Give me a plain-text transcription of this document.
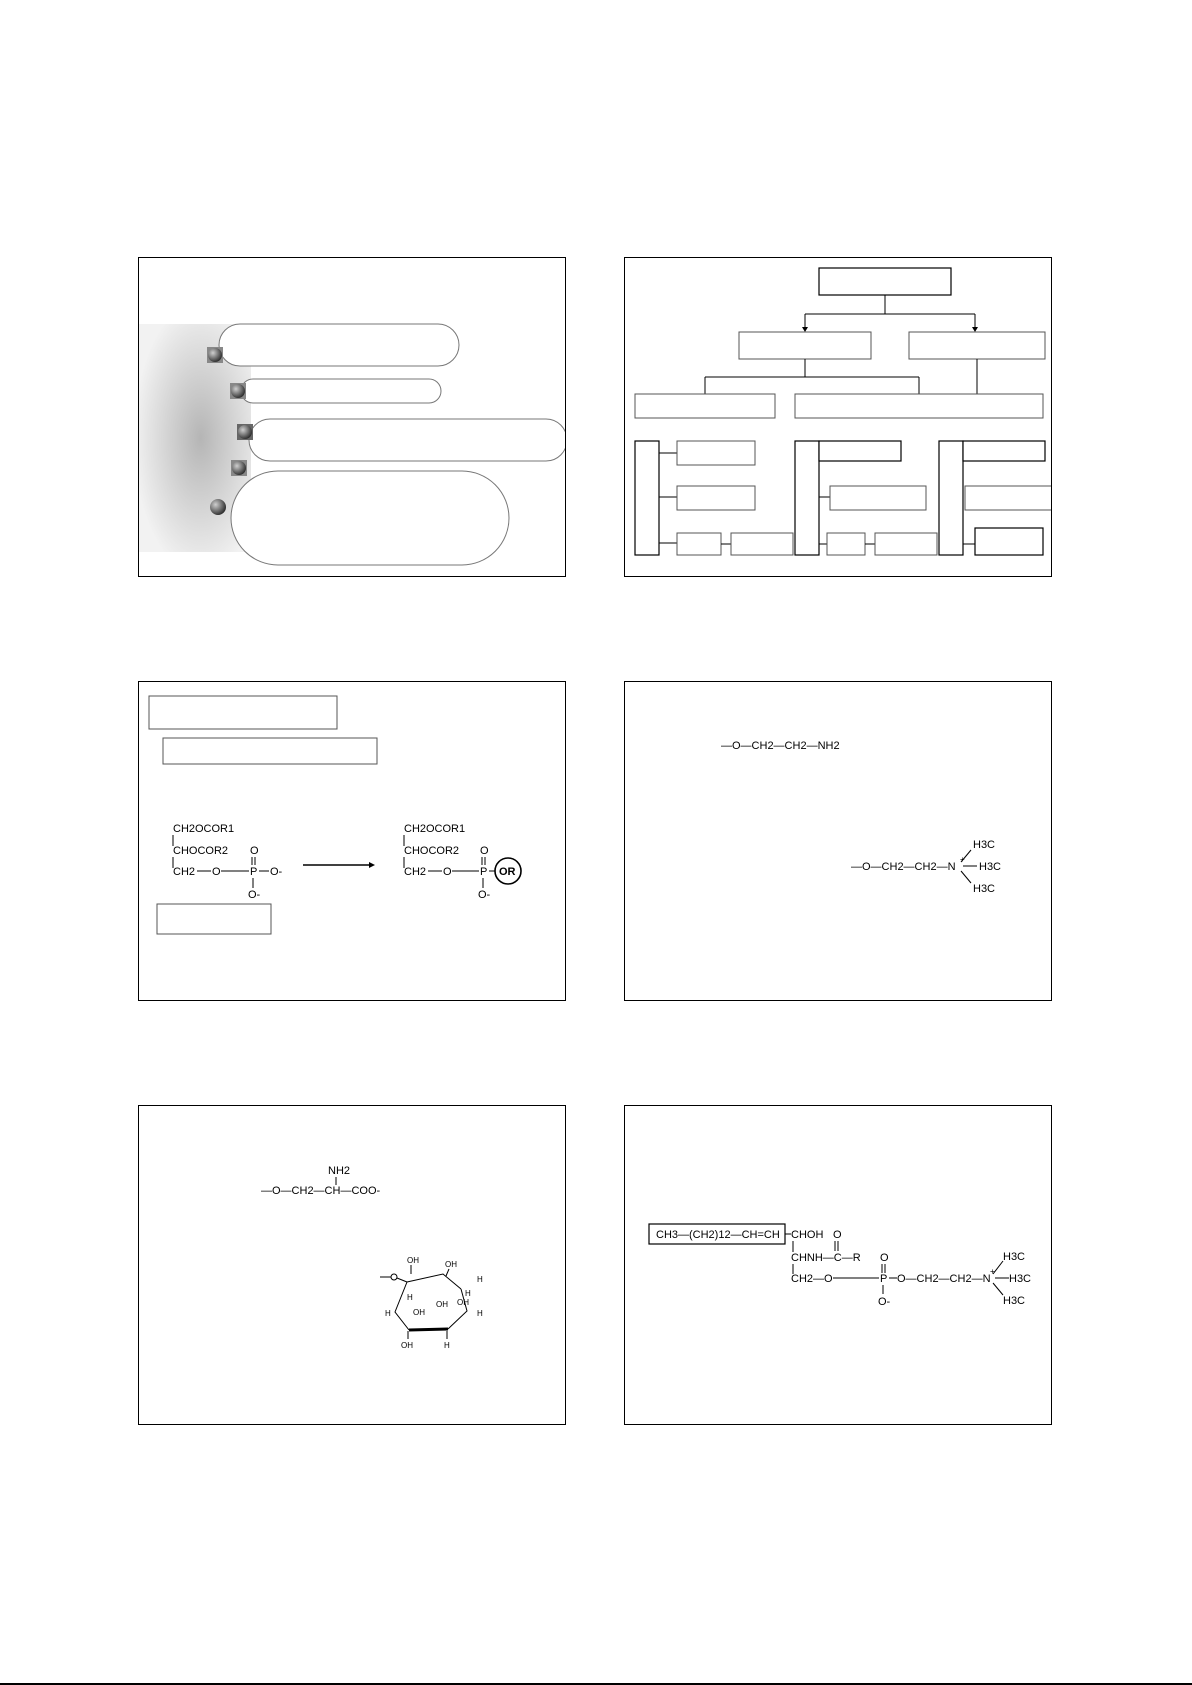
CH2OCOR1
CHOCOR2
CH2 O	P
O
O-
O-
CH2OCOR1
CHOCOR2
CH2 O	P
O
OR
O-
—O—CH2—CH2—NH2
—O—CH2—CH2—N
+
H3C
H3C
H3C
NH2
—O—CH2—CH—COO-
OH	OH
H
H
H
H
OH
OH
OH
H
OH	H
CH3—(CH2)12—CH=CH CHOH
CHNH—C—R
O
CH2—O	P
O
O-
O—CH2—CH2—N
+
H3C
H3C
H3C
